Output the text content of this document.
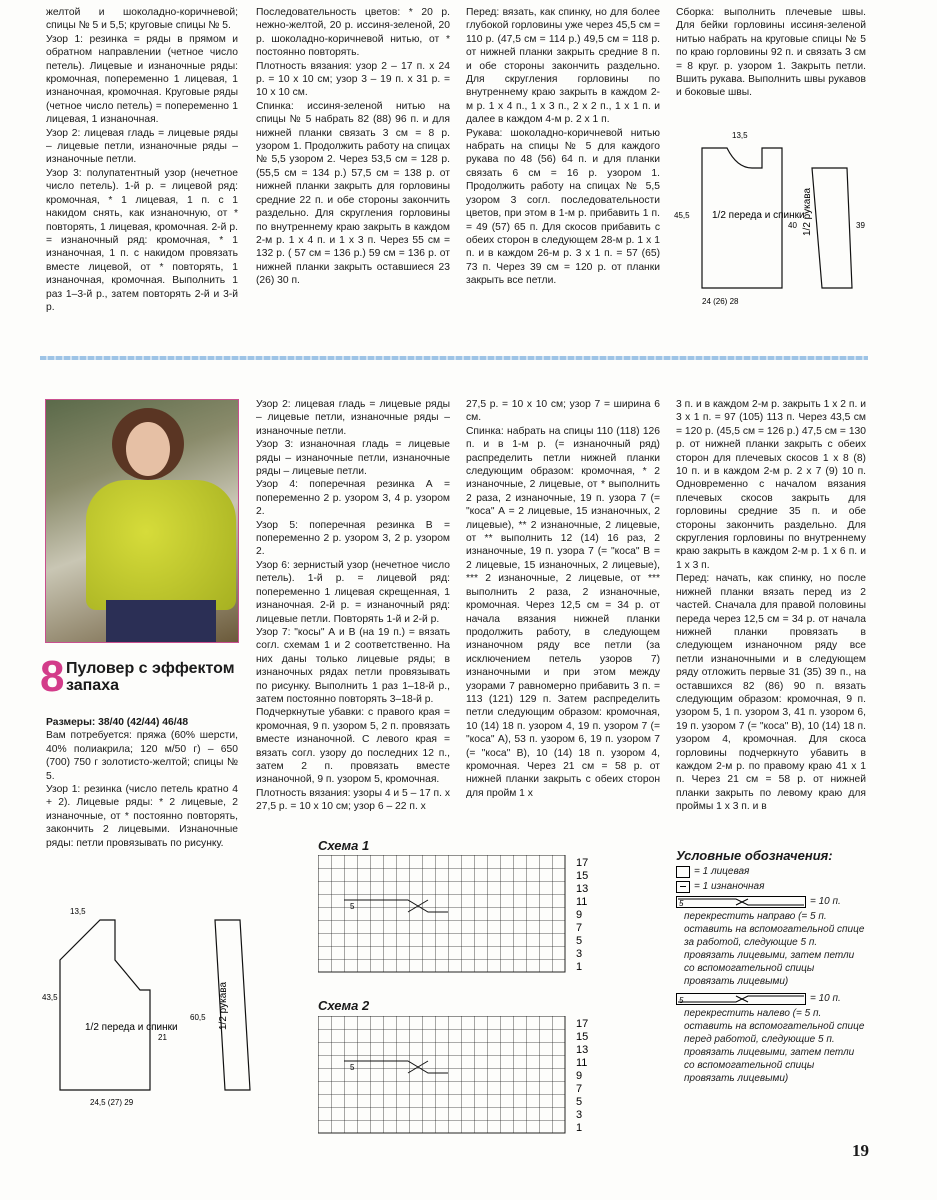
желтой и шоколадно-коричневой; спицы № 5 и 5,5; круговые спицы № 5.

Узор 1: резинка = ряды в прямом и обратном направлении (четное число петель). Лицевые и изнаночные ряды: кромочная, попеременно 1 лицевая, 1 изнаночная, кромочная. Круговые ряды (четное число петель) = попеременно 1 лицевая, 1 изнаночная.

Узор 2: лицевая гладь = лицевые ряды – лицевые петли, изнаночные ряды – изнаночные петли.

Узор 3: полупатентный узор (нечетное число петель). 1-й р. = лицевой ряд: кромочная, * 1 лицевая, 1 п. с 1 накидом снять, как изнаночную, от * повторять, 1 лицевая, кромочная. 2-й р. = изнаночный ряд: кромочная, * 1 изнаночная, 1 п. с накидом провязать вместе лицевой, от * повторять, 1 изнаночная, кромочная. Выполнить 1 раз 1–3-й р., затем повторять 2-й и 3-й р.

Последовательность цветов: * 20 р. нежно-желтой, 20 р. иссиня-зеленой, 20 р. шоколадно-коричневой нитью, от * постоянно повторять.

Плотность вязания: узор 2 – 17 п. x 24 р. = 10 x 10 см; узор 3 – 19 п. x 31 р. = 10 x 10 см.

Спинка: иссиня-зеленой нитью на спицы № 5 набрать 82 (88) 96 п. и для нижней планки связать 3 см = 8 р. узором 1. Продолжить работу на спицах № 5,5 узором 2. Через 53,5 см = 128 р. (55,5 см = 134 р.) 57,5 см = 138 р. от нижней планки закрыть для горловины средние 22 п. и обе стороны закончить раздельно. Для скругления горловины по внутреннему краю закрыть в каждом 2-м р. 1 x 4 п. и 1 x 3 п. Через 55 см = 132 р. ( 57 см = 136 р.) 59 см = 136 р. от нижней планки закрыть оставшиеся 23 (26) 30 п.

Перед: вязать, как спинку, но для более глубокой горловины уже через 45,5 см = 110 р. (47,5 см = 114 р.) 49,5 см = 118 р. от нижней планки закрыть средние 8 п. и обе стороны закончить раздельно. Для скругления горловины по внутреннему краю закрыть в каждом 2-м р. 1 x 4 п., 1 x 3 п., 2 x 2 п., 1 x 1 п. и далее в каждом 4-м р. 2 x 1 п.

Рукава: шоколадно-коричневой нитью набрать на спицы № 5 для каждого рукава по 48 (56) 64 п. и для планки связать 6 см = 16 р. узором 1. Продолжить работу на спицах № 5,5 узором 3 согл. последовательности цветов, при этом в 1-м р. прибавить 1 п. = 49 (57) 65 п. Для скосов прибавить с обеих сторон в следующем 28-м р. 1 x 1 п. и в каждом 26-м р. 3 x 1 п. = 57 (65) 73 п. Через 39 см = 120 р. от планки закрыть все петли.

Сборка: выполнить плечевые швы. Для бейки горловины иссиня-зеленой нитью набрать на круговые спицы № 5 по краю горловины 92 п. и связать 3 см = 8 круг. р. узором 1. Закрыть петли. Вшить рукава. Выполнить швы рукавов и боковые швы.

1/2 переда и спинки
1/2 рукава
13,5
45,5
24 (26) 28
40	39
8 Пуловер с эффектом запаха

Размеры: 38/40 (42/44) 46/48

Вам потребуется: пряжа (60% шерсти, 40% полиакрила; 120 м/50 г) – 650 (700) 750 г золотисто-желтой; спицы № 5.

Узор 1: резинка (число петель кратно 4 + 2). Лицевые ряды: * 2 лицевые, 2 изнаночные, от * постоянно повторять, закончить 2 лицевыми. Изнаночные ряды: петли провязывать по рисунку.

Узор 2: лицевая гладь = лицевые ряды – лицевые петли, изнаночные ряды – изнаночные петли.

Узор 3: изнаночная гладь = лицевые ряды – изнаночные петли, изнаночные ряды – лицевые петли.

Узор 4: поперечная резинка А = попеременно 2 р. узором 3, 4 р. узором 2.

Узор 5: поперечная резинка В = попеременно 2 р. узором 3, 2 р. узором 2.

Узор 6: зернистый узор (нечетное число петель). 1-й р. = лицевой ряд: попеременно 1 лицевая скрещенная, 1 изнаночная. 2-й р. = изнаночный ряд: лицевые петли. Повторять 1-й и 2-й р.

Узор 7: "косы" А и В (на 19 п.) = вязать согл. схемам 1 и 2 соответственно. На них даны только лицевые ряды; в изнаночных рядах петли провязывать по рисунку. Выполнить 1 раз 1–18-й р., затем постоянно повторять 3–18-й р.

Подчеркнутые убавки: с правого края = кромочная, 9 п. узором 5, 2 п. провязать вместе изнаночной. С левого края = вязать согл. узору до последних 12 п., затем 2 п. провязать вместе изнаночной, 9 п. узором 5, кромочная.

Плотность вязания: узоры 4 и 5 – 17 п. x 27,5 р. = 10 x 10 см; узор 6 – 22 п. x

27,5 р. = 10 x 10 см; узор 7 = ширина 6 см.

Спинка: набрать на спицы 110 (118) 126 п. и в 1-м р. (= изнаночный ряд) распределить петли нижней планки следующим образом: кромочная, * 2 изнаночные, 2 лицевые, от * выполнить 2 раза, 2 изнаночные, 19 п. узора 7 (= "коса" А = 2 лицевые, 15 изнаночных, 2 лицевые), ** 2 изнаночные, 2 лицевые, от ** выполнить 12 (14) 16 раз, 2 изнаночные, 19 п. узора 7 (= "коса" В = 2 лицевые, 15 изнаночных, 2 лицевые), *** 2 изнаночные, 2 лицевые, от *** выполнить 2 раза, 2 изнаночные, кромочная. Через 12,5 см = 34 р. от начала вязания нижней планки продолжить работу, в следующем изнаночном ряду все петли (за исключением петель узоров 7) изнаночными и при этом между узорами 7 равномерно прибавить 3 п. = 113 (121) 129 п. Затем распределить петли следующим образом: кромочная, 10 (14) 18 п. узором 4, 19 п. узором 7 (= "коса" А), 53 п. узором 6, 19 п. узором 7 (= "коса" В), 10 (14) 18 п. узором 4, кромочная. Через 21 см = 58 р. от нижней планки закрыть с обеих сторон для пройм 1 x

3 п. и в каждом 2-м р. закрыть 1 x 2 п. и 3 x 1 п. = 97 (105) 113 п. Через 43,5 см = 120 р. (45,5 см = 126 р.) 47,5 см = 130 р. от нижней планки закрыть с обеих сторон для плечевых скосов 1 x 8 (8) 10 п. и в каждом 2-м р. 2 x 7 (9) 10 п. Одновременно с началом вязания плечевых скосов закрыть для горловины средние 35 п. и обе стороны закончить раздельно. Для скругления горловины по внутреннему краю закрыть в каждом 2-м р. 1 x 6 п. и 1 x 3 п.

Перед: начать, как спинку, но после нижней планки вязать перед из 2 частей. Сначала для правой половины переда через 12,5 см = 34 р. от начала нижней планки провязать в следующем изнаночном ряду все петли изнаночными и в следующем ряду отложить первые 31 (35) 39 п., на оставшихся 82 (86) 90 п. вязать следующим образом: кромочная, 9 п. узором 5, 1 п. узором 3, 41 п. узором 6, 19 п. узором 7 (= "коса" В), 10 (14) 18 п. узором 4, кромочная. Для скоса горловины подчеркнуто убавить в каждом 2-м р. по правому краю 41 x 1 п. Через 21 см = 58 р. от нижней планки закрыть по левому краю для проймы 1 x 3 п. и в

1/2 переда и спинки	1/2 рукава
13,5
43,5
24,5 (27) 29
21
60,5
Схема 1
5
17
15
13
11
9
7
5
3
1
Схема 2
5
17
15
13
11
9
7
5
3
1
Условные обозначения:
= 1 лицевая
= 1 изнаночная
5	= 10 п.
перекрестить направо (= 5 п. оставить на вспомогательной спице за работой, следующие 5 п. провязать лицевыми, затем петли со вспомогательной спицы провязать лицевыми)
5	= 10 п.
перекрестить налево (= 5 п. оставить на вспомогательной спице перед работой, следующие 5 п. провязать лицевыми, затем петли со вспомогательной спицы провязать лицевыми)
19
